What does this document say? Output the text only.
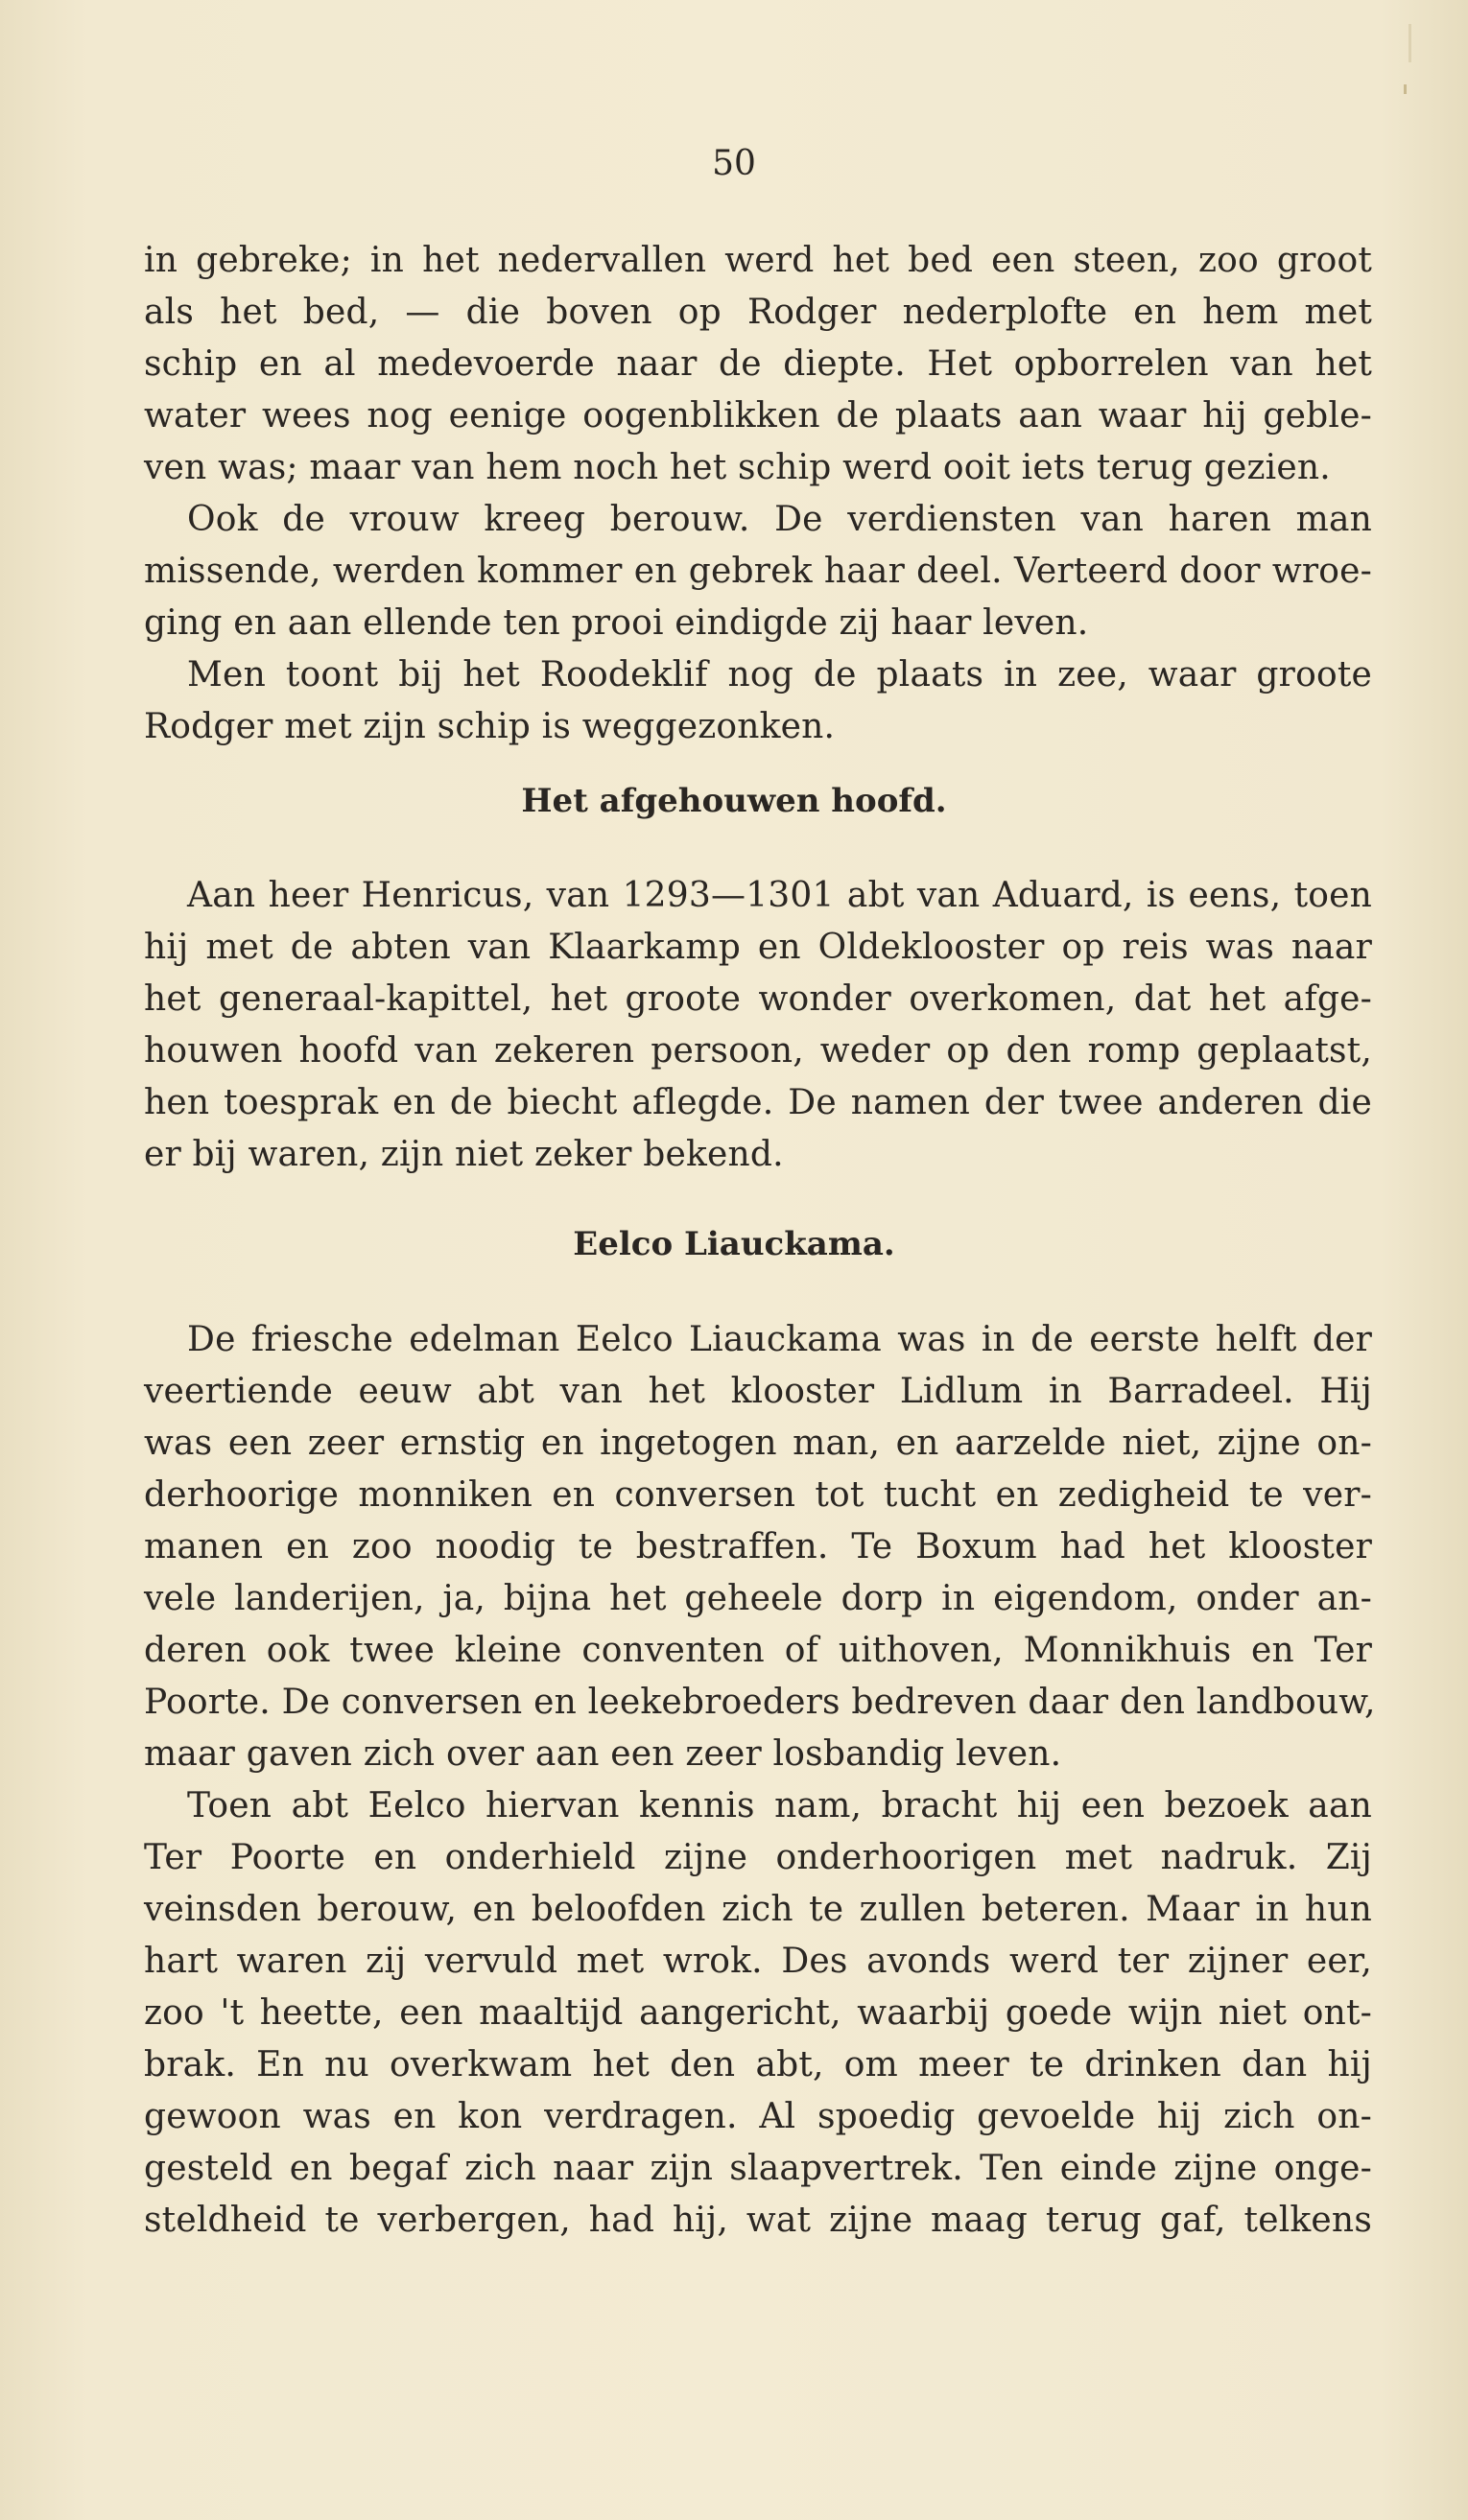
50
in gebreke; in het nedervallen werd het bed een steen, zoo groot
als het bed, — die boven op Rodger nederplofte en hem met
schip en al medevoerde naar de diepte. Het opborrelen van het
water wees nog eenige oogenblikken de plaats aan waar hij geble-
ven was; maar van hem noch het schip werd ooit iets terug gezien.
Ook de vrouw kreeg berouw. De verdiensten van haren man
missende, werden kommer en gebrek haar deel. Verteerd door wroe-
ging en aan ellende ten prooi eindigde zij haar leven.
Men toont bij het Roodeklif nog de plaats in zee, waar groote
Rodger met zijn schip is weggezonken.
Het afgehouwen hoofd.
Aan heer Henricus, van 1293—1301 abt van Aduard, is eens, toen
hij met de abten van Klaarkamp en Oldeklooster op reis was naar
het generaal-kapittel, het groote wonder overkomen, dat het afge-
houwen hoofd van zekeren persoon, weder op den romp geplaatst,
hen toesprak en de biecht aflegde. De namen der twee anderen die
er bij waren, zijn niet zeker bekend.
Eelco Liauckama.
De friesche edelman Eelco Liauckama was in de eerste helft der
veertiende eeuw abt van het klooster Lidlum in Barradeel. Hij
was een zeer ernstig en ingetogen man, en aarzelde niet, zijne on-
derhoorige monniken en conversen tot tucht en zedigheid te ver-
manen en zoo noodig te bestraffen. Te Boxum had het klooster
vele landerijen, ja, bijna het geheele dorp in eigendom, onder an-
deren ook twee kleine conventen of uithoven, Monnikhuis en Ter
Poorte. De conversen en leekebroeders bedreven daar den landbouw,
maar gaven zich over aan een zeer losbandig leven.
Toen abt Eelco hiervan kennis nam, bracht hij een bezoek aan
Ter Poorte en onderhield zijne onderhoorigen met nadruk. Zij
veinsden berouw, en beloofden zich te zullen beteren. Maar in hun
hart waren zij vervuld met wrok. Des avonds werd ter zijner eer,
zoo 't heette, een maaltijd aangericht, waarbij goede wijn niet ont-
brak. En nu overkwam het den abt, om meer te drinken dan hij
gewoon was en kon verdragen. Al spoedig gevoelde hij zich on-
gesteld en begaf zich naar zijn slaapvertrek. Ten einde zijne onge-
steldheid te verbergen, had hij, wat zijne maag terug gaf, telkens
